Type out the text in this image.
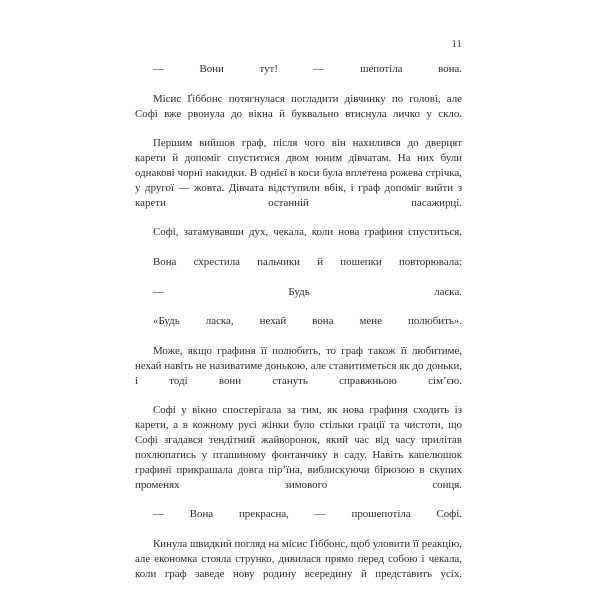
11

— Вони тут! — шепотіла вона.

Місис Ґіббонс потягнулася погладити дівчинку по голові, але Софі вже рвонула до вікна й буквально втиснула личко у скло.

Першим вийшов граф, після чого він нахилився до дверцят карети й допоміг спуститися двом юним дівчатам. На них були однакові чорні накидки. В однієї в коси була вплетена рожева стрічка, у другої — жовта. Дівчата відступили вбік, і граф допоміг вийти з карети останній пасажирці.

Софі, затамувавши дух, чекала, коли нова графиня спуститься.

Вона схрестила пальчики й пошепки повторювала:

— Будь ласка.

«Будь ласка, нехай вона мене полюбить».

Може, якщо графиня її полюбить, то граф також її любитиме, нехай навіть не називатиме донькою, але ставитиметься як до доньки, і тоді вони стануть справжньою сім’єю.

Софі у вікно спостерігала за тим, як нова графиня сходить із карети, а в кожному русі жінки було стільки грації та чистоти, що Софі згадався тендітний жайворонок, який час від часу прилітав похлюпатись у пташиному фонтанчику в саду. Навіть капелюшок графині прикрашала довга пір’їна, виблискуючи бірюзою в скупих променях зимового сонця.

— Вона прекрасна, — прошепотіла Софі.

Кинула швидкий погляд на місис Ґіббонс, щоб уловити її реакцію, але економка стояла струнко, дивилася прямо перед собою і чекала, коли граф заведе нову родину всередину й представить усіх.
